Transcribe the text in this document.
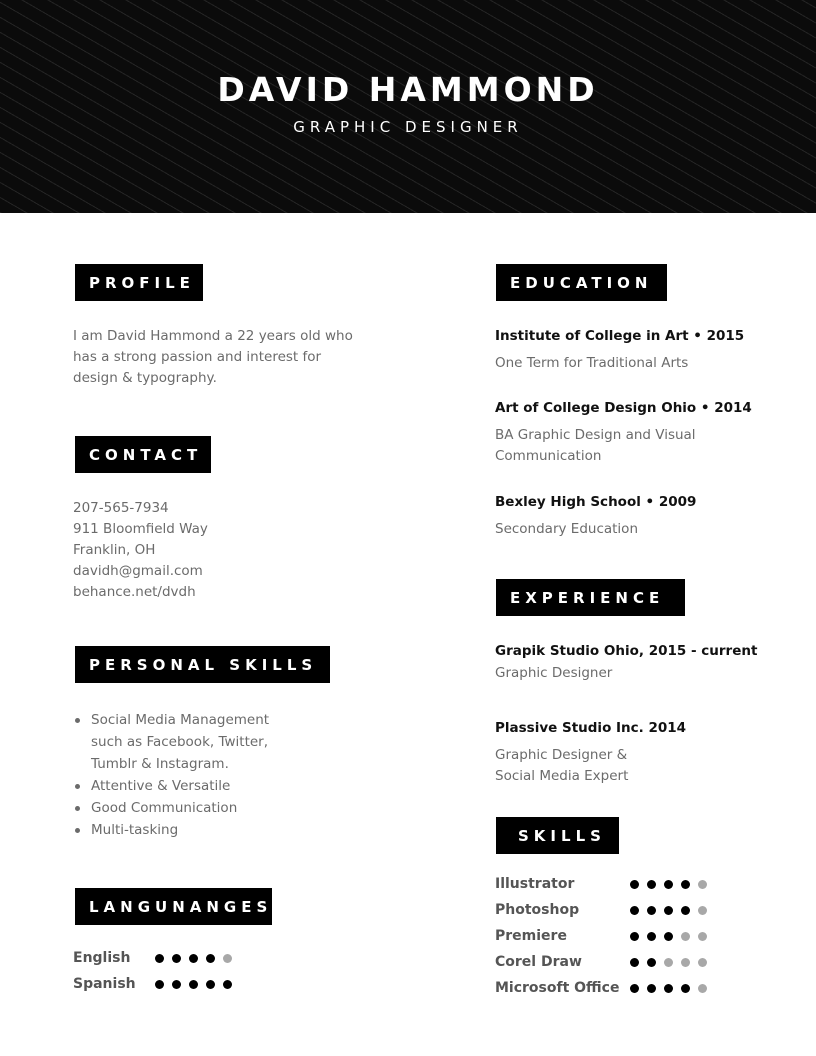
DAVID HAMMOND
GRAPHIC DESIGNER
PROFILE
I am David Hammond a 22 years old who
has a strong passion and interest for
design & typography.
CONTACT
207-565-7934
911 Bloomfield Way
Franklin, OH
davidh@gmail.com
behance.net/dvdh
PERSONAL SKILLS
Social Media Management
such as Facebook, Twitter,
Tumblr & Instagram.
Attentive & Versatile
Good Communication
Multi-tasking
LANGUNANGES
English
Spanish
EDUCATION
Institute of College in Art • 2015
One Term for Traditional Arts
Art of College Design Ohio • 2014
BA Graphic Design and Visual
Communication
Bexley High School • 2009
Secondary Education
EXPERIENCE
Grapik Studio Ohio, 2015 - current
Graphic Designer
Plassive Studio Inc. 2014
Graphic Designer &
Social Media Expert
SKILLS
Illustrator
Photoshop
Premiere
Corel Draw
Microsoft Office
